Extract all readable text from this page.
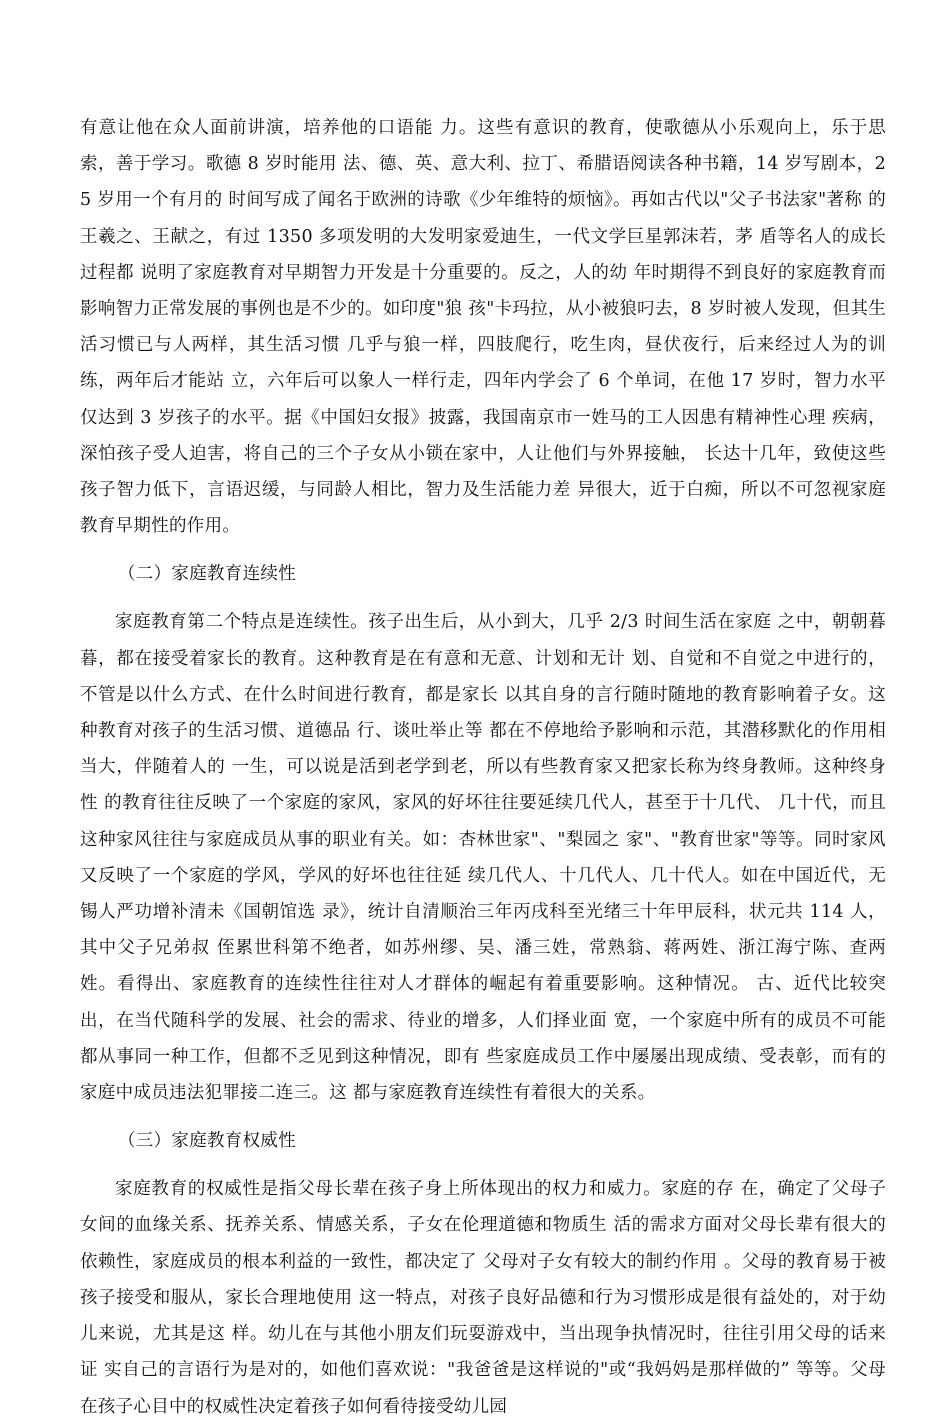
有意让他在众人面前讲演，培养他的口语能 力。这些有意识的教育，使歌德从小乐观向上，乐于思索，善于学习。歌德 8 岁时能用 法、德、英、意大利、拉丁、希腊语阅读各种书籍，14 岁写剧本，25 岁用一个有月的 时间写成了闻名于欧洲的诗歌《少年维特的烦恼》。再如古代以"父子书法家"著称 的王羲之、王献之，有过 1350 多项发明的大发明家爱迪生，一代文学巨星郭沫若，茅 盾等名人的成长过程都 说明了家庭教育对早期智力开发是十分重要的。反之，人的幼 年时期得不到良好的家庭教育而影响智力正常发展的事例也是不少的。如印度"狼 孩"卡玛拉，从小被狼叼去，8 岁时被人发现，但其生活习惯已与人两样，其生活习惯 几乎与狼一样，四肢爬行，吃生肉，昼伏夜行，后来经过人为的训练，两年后才能站 立，六年后可以象人一样行走，四年内学会了 6 个单词，在他 17 岁时，智力水平仅达到 3 岁孩子的水平。据《中国妇女报》披露，我国南京市一姓马的工人因患有精神性心理 疾病，深怕孩子受人迫害，将自己的三个子女从小锁在家中，人让他们与外界接触， 长达十几年，致使这些孩子智力低下，言语迟缓，与同龄人相比，智力及生活能力差 异很大，近于白痴，所以不可忽视家庭教育早期性的作用。

（二）家庭教育连续性

家庭教育第二个特点是连续性。孩子出生后，从小到大，几乎 2/3 时间生活在家庭 之中，朝朝暮暮，都在接受着家长的教育。这种教育是在有意和无意、计划和无计 划、自觉和不自觉之中进行的，不管是以什么方式、在什么时间进行教育，都是家长 以其自身的言行随时随地的教育影响着子女。这种教育对孩子的生活习惯、道德品 行、谈吐举止等 都在不停地给予影响和示范，其潜移默化的作用相当大，伴随着人的 一生，可以说是活到老学到老，所以有些教育家又把家长称为终身教师。这种终身性 的教育往往反映了一个家庭的家风，家风的好坏往往要延续几代人，甚至于十几代、 几十代，而且这种家风往往与家庭成员从事的职业有关。如：杏林世家"、"梨园之 家"、"教育世家"等等。同时家风又反映了一个家庭的学风，学风的好坏也往往延 续几代人、十几代人、几十代人。如在中国近代，无锡人严功增补清未《国朝馆选 录》，统计自清顺治三年丙戌科至光绪三十年甲辰科，状元共 114 人，其中父子兄弟叔 侄累世科第不绝者，如苏州缪、吴、潘三姓，常熟翁、蒋两姓、浙江海宁陈、查两 姓。看得出、家庭教育的连续性往往对人才群体的崛起有着重要影响。这种情况。 古、近代比较突出，在当代随科学的发展、社会的需求、待业的增多，人们择业面 宽，一个家庭中所有的成员不可能都从事同一种工作，但都不乏见到这种情况，即有 些家庭成员工作中屡屡出现成绩、受表彰，而有的家庭中成员违法犯罪接二连三。这 都与家庭教育连续性有着很大的关系。

（三）家庭教育权威性

家庭教育的权威性是指父母长辈在孩子身上所体现出的权力和威力。家庭的存 在，确定了父母子女间的血缘关系、抚养关系、情感关系，子女在伦理道德和物质生 活的需求方面对父母长辈有很大的依赖性，家庭成员的根本利益的一致性，都决定了 父母对子女有较大的制约作用 。父母的教育易于被孩子接受和服从，家长合理地使用 这一特点，对孩子良好品德和行为习惯形成是很有益处的，对于幼儿来说，尤其是这 样。幼儿在与其他小朋友们玩耍游戏中，当出现争执情况时，往往引用父母的话来证 实自己的言语行为是对的，如他们喜欢说："我爸爸是这样说的"或“我妈妈是那样做的” 等等。父母在孩子心目中的权威性决定着孩子如何看待接受幼儿园
